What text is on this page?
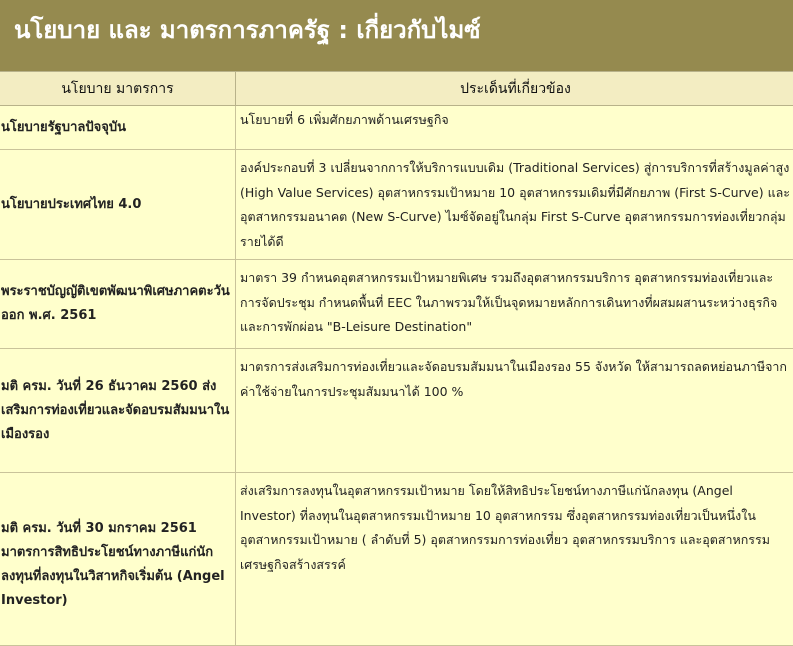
นโยบาย และ มาตรการภาครัฐ : เกี่ยวกับไมซ์
นโยบาย มาตรการ	ประเด็นที่เกี่ยวข้อง
นโยบายรัฐบาลปัจจุบัน	นโยบายที่ 6 เพิ่มศักยภาพด้านเศรษฐกิจ
นโยบายประเทศไทย 4.0	องค์ประกอบที่ 3 เปลี่ยนจากการให้บริการแบบเดิม (Traditional Services) สู่การบริการที่สร้างมูลค่าสูง (High Value Services) อุตสาหกรรมเป้าหมาย 10 อุตสาหกรรมเดิมที่มีศักยภาพ (First S-Curve) และอุตสาหกรรมอนาคต (New S-Curve) ไมซ์จัดอยู่ในกลุ่ม First S-Curve อุตสาหกรรมการท่องเที่ยวกลุ่มรายได้ดี
พระราชบัญญัติเขตพัฒนาพิเศษภาคตะวันออก พ.ศ. 2561	มาตรา 39 กำหนดอุตสาหกรรมเป้าหมายพิเศษ รวมถึงอุตสาหกรรมบริการ อุตสาหกรรมท่องเที่ยวและการจัดประชุม กำหนดพื้นที่ EEC ในภาพรวมให้เป็นจุดหมายหลักการเดินทางที่ผสมผสานระหว่างธุรกิจและการพักผ่อน "B-Leisure Destination"
มติ ครม. วันที่ 26 ธันวาคม 2560 ส่งเสริมการท่องเที่ยวและจัดอบรมสัมมนาในเมืองรอง	มาตรการส่งเสริมการท่องเที่ยวและจัดอบรมสัมมนาในเมืองรอง 55 จังหวัด ให้สามารถลดหย่อนภาษีจากค่าใช้จ่ายในการประชุมสัมมนาได้ 100 %
มติ ครม. วันที่ 30 มกราคม 2561 มาตรการสิทธิประโยชน์ทางภาษีแก่นักลงทุนที่ลงทุนในวิสาหกิจเริ่มต้น (Angel Investor)	ส่งเสริมการลงทุนในอุตสาหกรรมเป้าหมาย โดยให้สิทธิประโยชน์ทางภาษีแก่นักลงทุน (Angel Investor) ที่ลงทุนในอุตสาหกรรมเป้าหมาย 10 อุตสาหกรรม ซึ่งอุตสาหกรรมท่องเที่ยวเป็นหนึ่งในอุตสาหกรรมเป้าหมาย ( ลำดับที่ 5) อุตสาหกรรมการท่องเที่ยว อุตสาหกรรมบริการ และอุตสาหกรรมเศรษฐกิจสร้างสรรค์
